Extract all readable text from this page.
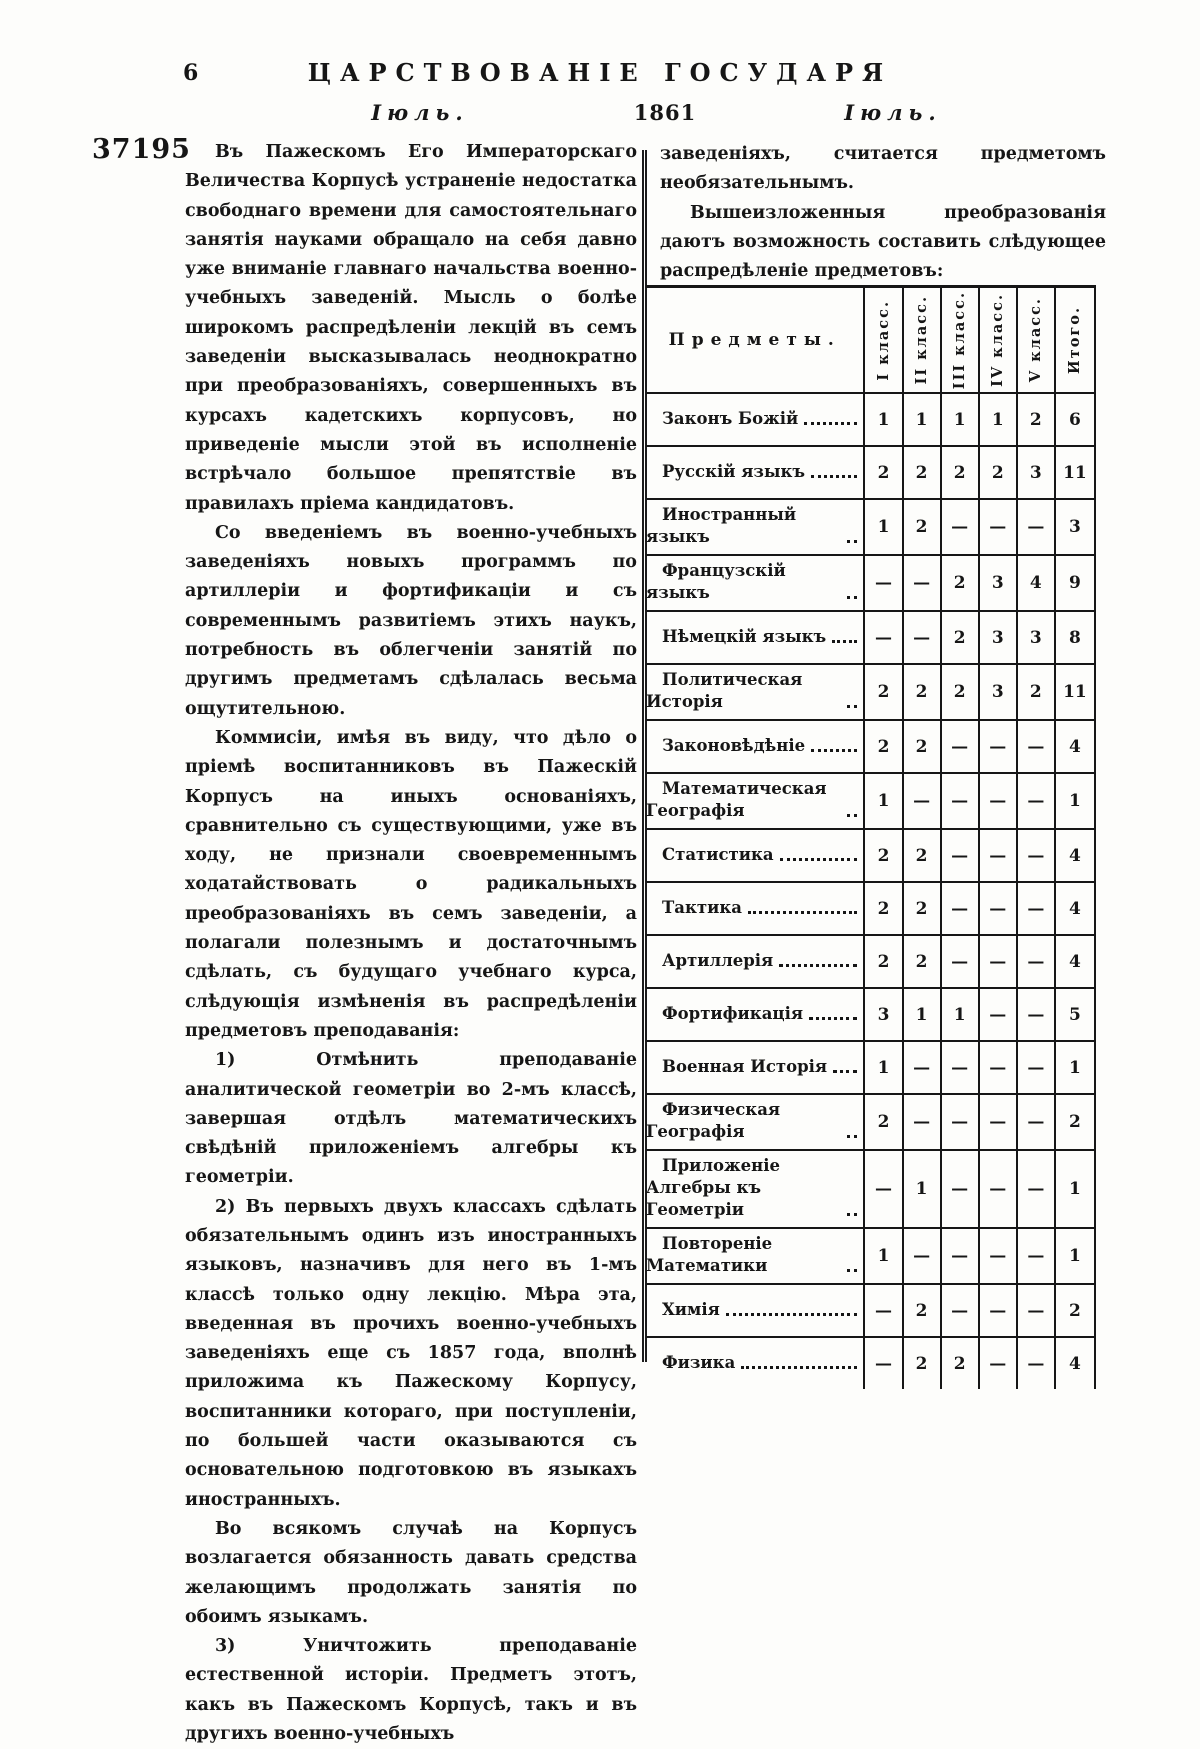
6	ЦАРСТВОВАНІЕ ГОСУДАРЯ
Іюль.	1861	Іюль.
37195	Въ Пажескомъ Его Императорскаго Величества Корпусѣ устраненіе недостатка свободнаго времени для самостоятельнаго занятія науками обращало на себя давно уже вниманіе главнаго начальства военно-учебныхъ заведеній. Мысль о болѣе широкомъ распредѣленіи лекцій въ семъ заведеніи высказывалась неоднократно при преобразованіяхъ, совершенныхъ въ курсахъ кадетскихъ корпусовъ, но приведеніе мысли этой въ исполненіе встрѣчало большое препятствіе въ правилахъ пріема кандидатовъ.

Со введеніемъ въ военно-учебныхъ заведеніяхъ новыхъ программъ по артиллеріи и фортификаціи и съ современнымъ развитіемъ этихъ наукъ, потребность въ облегченіи занятій по другимъ предметамъ сдѣлалась весьма ощутительною.

Коммисіи, имѣя въ виду, что дѣло о пріемѣ воспитанниковъ въ Пажескій Корпусъ на иныхъ основаніяхъ, сравнительно съ существующими, уже въ ходу, не признали своевременнымъ ходатайствовать о радикальныхъ преобразованіяхъ въ семъ заведеніи, а полагали полезнымъ и достаточнымъ сдѣлать, съ будущаго учебнаго курса, слѣдующія измѣненія въ распредѣленіи предметовъ преподаванія:

1) Отмѣнить преподаваніе аналитической геометріи во 2-мъ классѣ, завершая отдѣлъ математическихъ свѣдѣній приложеніемъ алгебры къ геометріи.

2) Въ первыхъ двухъ классахъ сдѣлать обязательнымъ одинъ изъ иностранныхъ языковъ, назначивъ для него въ 1-мъ классѣ только одну лекцію. Мѣра эта, введенная въ прочихъ военно-учебныхъ заведеніяхъ еще съ 1857 года, вполнѣ приложима къ Пажескому Корпусу, воспитанники котораго, при поступленіи, по большей части оказываются съ основательною подготовкою въ языкахъ иностранныхъ.

Во всякомъ случаѣ на Корпусъ возлагается обязанность давать средства желающимъ продолжать занятія по обоимъ языкамъ.

3) Уничтожить преподаваніе естественной исторіи. Предметъ этотъ, какъ въ Пажескомъ Корпусѣ, такъ и въ другихъ военно-учебныхъ

заведеніяхъ, считается предметомъ необязательнымъ.

Вышеизложенныя преобразованія даютъ возможность составить слѣдующее распредѣленіе предметовъ:

Предметы.	I класс.	II класс.	III класс.	IV класс.	V класс.	Итого.

Законъ Божій	1	1	1	1	2	6

Русскій языкъ	2	2	2	2	3	11

Иностранный языкъ	1	2	—	—	—	3

Французскій языкъ	—	—	2	3	4	9

Нѣмецкій языкъ	—	—	2	3	3	8

Политическая Исторія	2	2	2	3	2	11

Законовѣдѣніе	2	2	—	—	—	4

Математическая Географія	1	—	—	—	—	1

Статистика	2	2	—	—	—	4

Тактика	2	2	—	—	—	4

Артиллерія	2	2	—	—	—	4

Фортификація	3	1	1	—	—	5

Военная Исторія	1	—	—	—	—	1

Физическая Географія	2	—	—	—	—	2

Приложеніе Алгебры къ Геометріи	—	1	—	—	—	1

Повтореніе Математики	1	—	—	—	—	1

Химія	—	2	—	—	—	2

Физика	—	2	2	—	—	4
